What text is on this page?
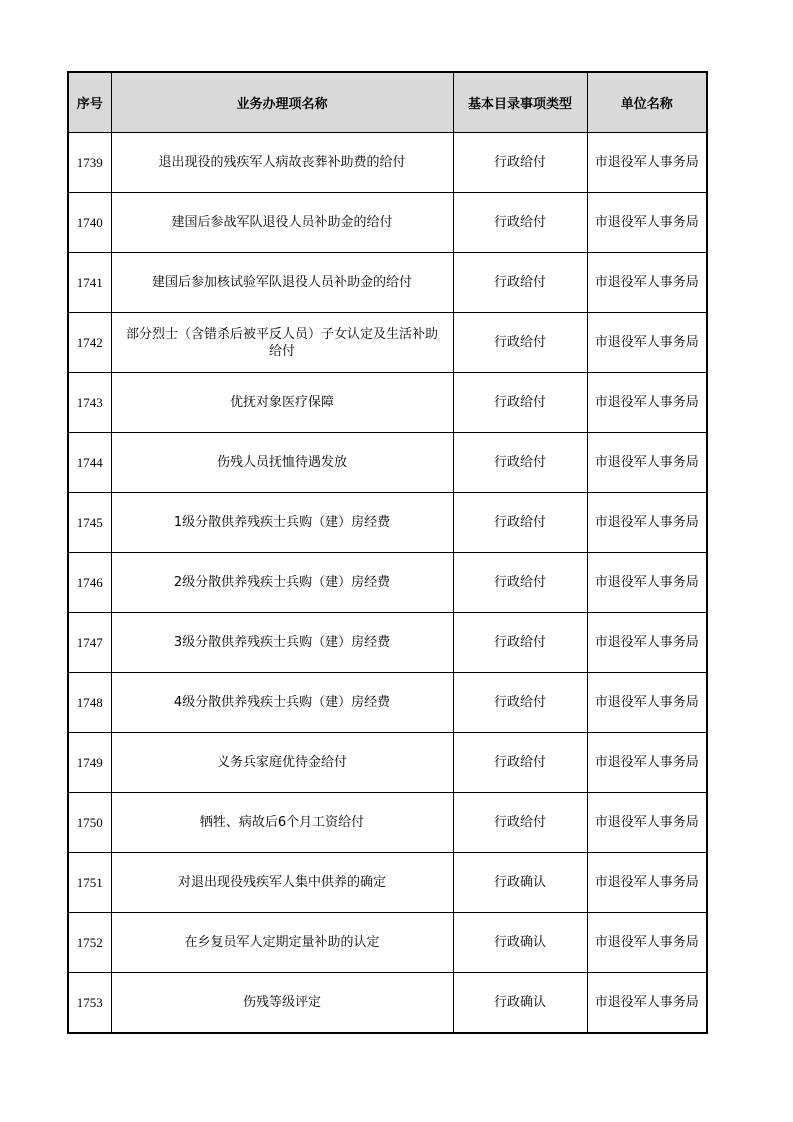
序号	业务办理项名称	基本目录事项类型	单位名称
1739	退出现役的残疾军人病故丧葬补助费的给付	行政给付	市退役军人事务局
1740	建国后参战军队退役人员补助金的给付	行政给付	市退役军人事务局
1741	建国后参加核试验军队退役人员补助金的给付	行政给付	市退役军人事务局
1742	部分烈士（含错杀后被平反人员）子女认定及生活补助给付	行政给付	市退役军人事务局
1743	优抚对象医疗保障	行政给付	市退役军人事务局
1744	伤残人员抚恤待遇发放	行政给付	市退役军人事务局
1745	1级分散供养残疾士兵购（建）房经费	行政给付	市退役军人事务局
1746	2级分散供养残疾士兵购（建）房经费	行政给付	市退役军人事务局
1747	3级分散供养残疾士兵购（建）房经费	行政给付	市退役军人事务局
1748	4级分散供养残疾士兵购（建）房经费	行政给付	市退役军人事务局
1749	义务兵家庭优待金给付	行政给付	市退役军人事务局
1750	牺牲、病故后6个月工资给付	行政给付	市退役军人事务局
1751	对退出现役残疾军人集中供养的确定	行政确认	市退役军人事务局
1752	在乡复员军人定期定量补助的认定	行政确认	市退役军人事务局
1753	伤残等级评定	行政确认	市退役军人事务局
